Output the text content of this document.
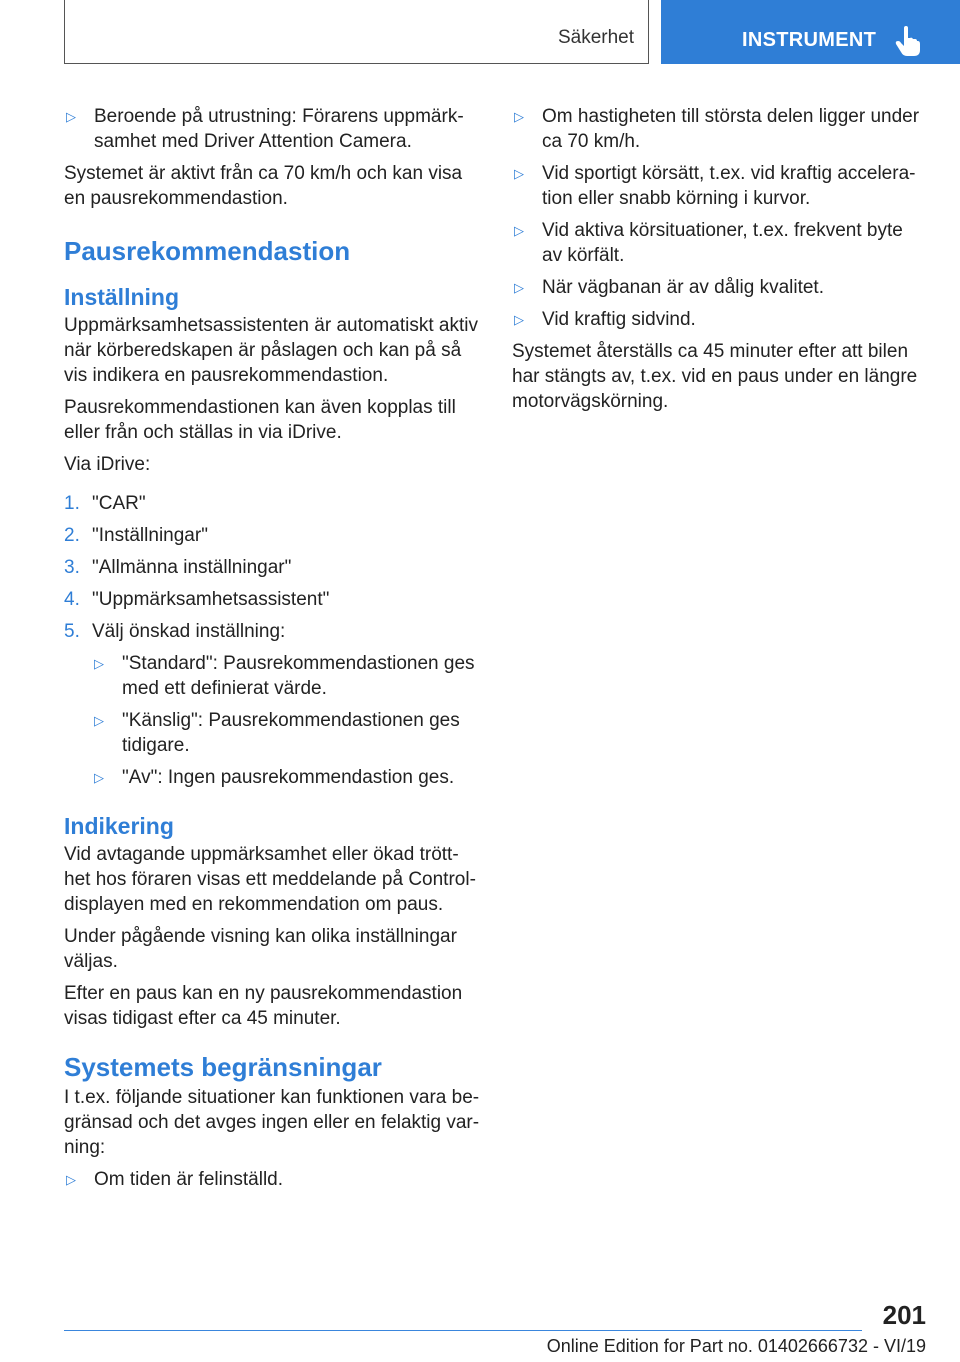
Säkerhet	INSTRUMENT
▷ Beroende på utrustning: Förarens uppmärk-samhet med Driver Attention Camera.

Systemet är aktivt från ca 70 km/h och kan visa en pausrekommendastion.

Pausrekommendastion
Inställning

Uppmärksamhetsassistenten är automatiskt aktiv när körberedskapen är påslagen och kan på så vis indikera en pausrekommendastion.

Pausrekommendastionen kan även kopplas till eller från och ställas in via iDrive.

Via iDrive:

1. "CAR"
2. "Inställningar"
3. "Allmänna inställningar"
4. "Uppmärksamhetsassistent"
5. Välj önskad inställning:
▷ "Standard": Pausrekommendastionen ges med ett definierat värde.
▷ "Känslig": Pausrekommendastionen ges tidigare.
▷ "Av": Ingen pausrekommendastion ges.
Indikering

Vid avtagande uppmärksamhet eller ökad trött-het hos föraren visas ett meddelande på Control-displayen med en rekommendation om paus.

Under pågående visning kan olika inställningar väljas.

Efter en paus kan en ny pausrekommendastion visas tidigast efter ca 45 minuter.

Systemets begränsningar

I t.ex. följande situationer kan funktionen vara be-gränsad och det avges ingen eller en felaktig var-ning:

▷ Om tiden är felinställd.
▷ Om hastigheten till största delen ligger under ca 70 km/h.
▷ Vid sportigt körsätt, t.ex. vid kraftig accelera-tion eller snabb körning i kurvor.
▷ Vid aktiva körsituationer, t.ex. frekvent byte av körfält.
▷ När vägbanan är av dålig kvalitet.
▷ Vid kraftig sidvind.

Systemet återställs ca 45 minuter efter att bilen har stängts av, t.ex. vid en paus under en längre motorvägskörning.

201
Online Edition for Part no. 01402666732 - VI/19
